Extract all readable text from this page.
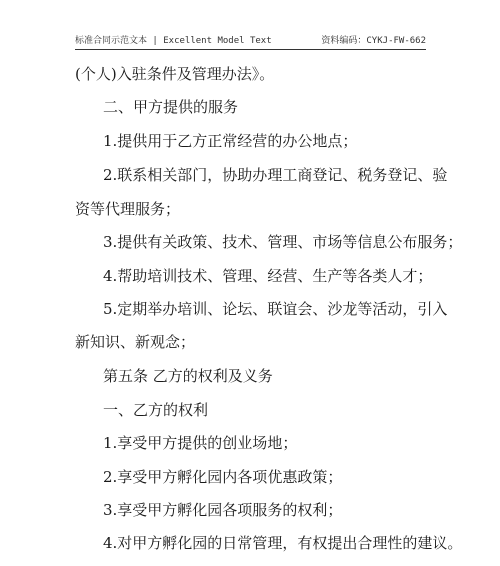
标准合同示范文本 | Excellent Model Text	资料编码：CYKJ-FW-662
(个人)入驻条件及管理办法》。
二、甲方提供的服务
1.提供用于乙方正常经营的办公地点；
2.联系相关部门，协助办理工商登记、税务登记、验
资等代理服务；
3.提供有关政策、技术、管理、市场等信息公布服务；
4.帮助培训技术、管理、经营、生产等各类人才；
5.定期举办培训、论坛、联谊会、沙龙等活动，引入
新知识、新观念；
第五条 乙方的权利及义务
一、乙方的权利
1.享受甲方提供的创业场地；
2.享受甲方孵化园内各项优惠政策；
3.享受甲方孵化园各项服务的权利；
4.对甲方孵化园的日常管理，有权提出合理性的建议。
